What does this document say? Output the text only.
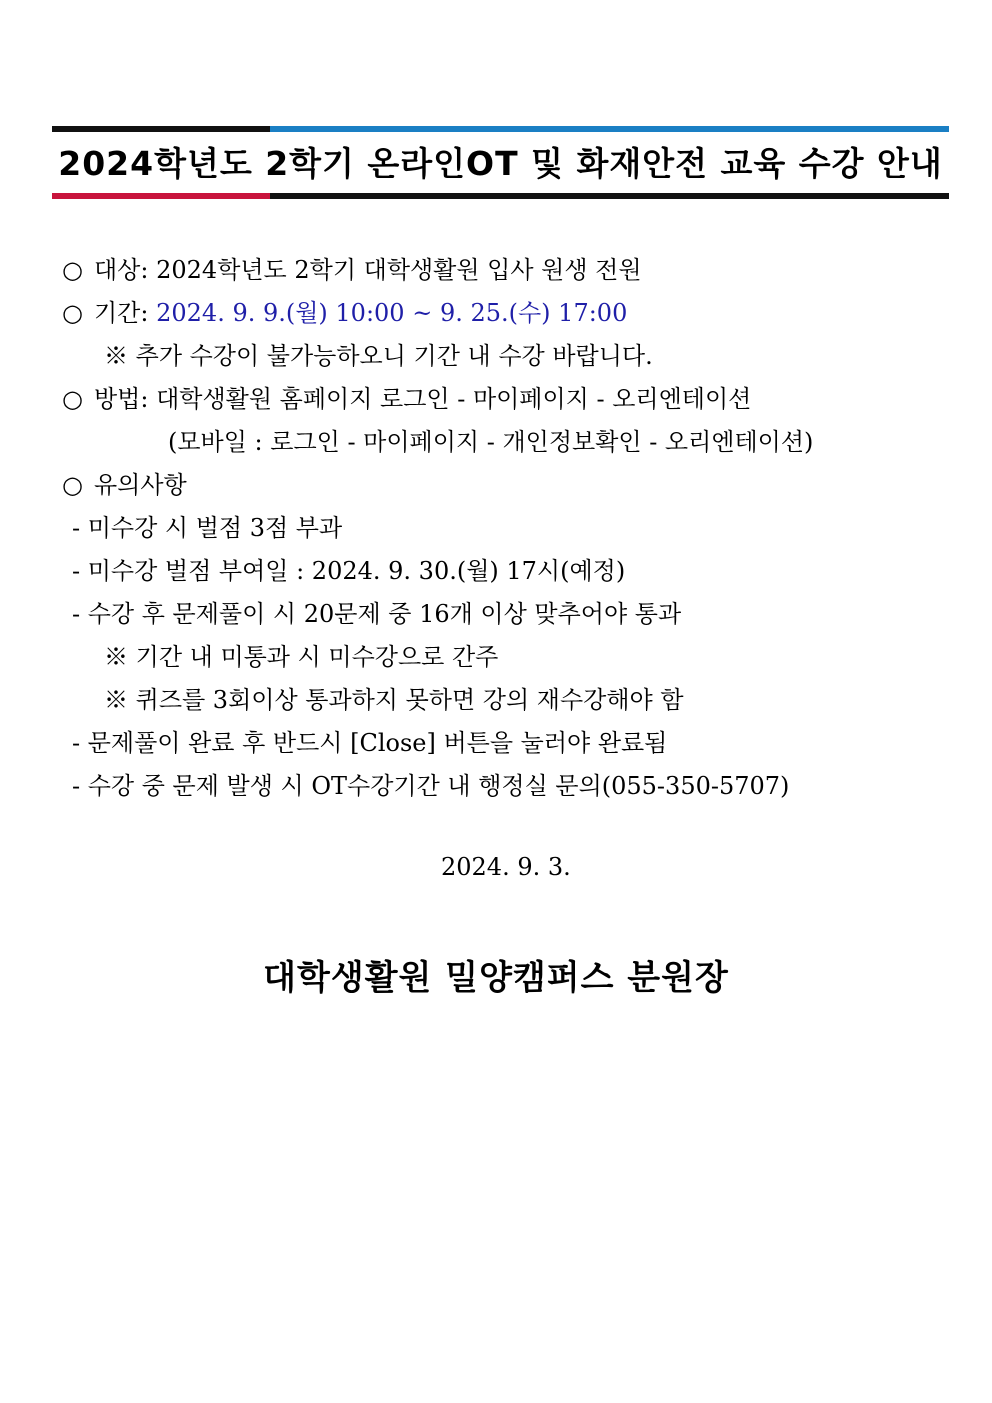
2024학년도 2학기 온라인OT 및 화재안전 교육 수강 안내
○ 대상: 2024학년도 2학기 대학생활원 입사 원생 전원
○ 기간: 2024. 9. 9.(월) 10:00 ~ 9. 25.(수) 17:00
※ 추가 수강이 불가능하오니 기간 내 수강 바랍니다.
○ 방법: 대학생활원 홈페이지 로그인 - 마이페이지 - 오리엔테이션
(모바일 : 로그인 - 마이페이지 - 개인정보확인 - 오리엔테이션)
○ 유의사항
- 미수강 시 벌점 3점 부과
- 미수강 벌점 부여일 : 2024. 9. 30.(월) 17시(예정)
- 수강 후 문제풀이 시 20문제 중 16개 이상 맞추어야 통과
※ 기간 내 미통과 시 미수강으로 간주
※ 퀴즈를 3회이상 통과하지 못하면 강의 재수강해야 함
- 문제풀이 완료 후 반드시 [Close] 버튼을 눌러야 완료됨
- 수강 중 문제 발생 시 OT수강기간 내 행정실 문의(055-350-5707)
2024. 9. 3.
대학생활원 밀양캠퍼스 분원장
